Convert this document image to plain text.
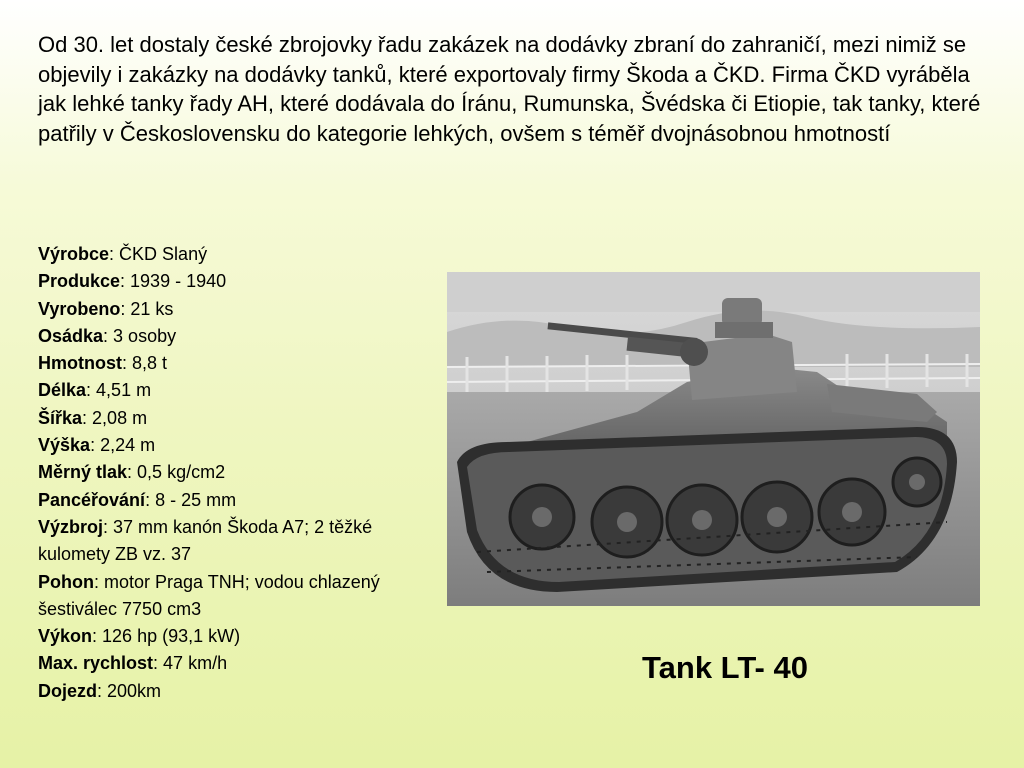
Od 30. let dostaly české zbrojovky řadu zakázek na dodávky zbraní do zahraničí, mezi nimiž se objevily i zakázky na dodávky tanků, které exportovaly firmy Škoda a ČKD. Firma ČKD vyráběla jak lehké tanky řady AH, které dodávala do Íránu, Rumunska, Švédska či Etiopie, tak tanky, které patřily v Československu do kategorie lehkých, ovšem s téměř dvojnásobnou hmotností

Výrobce: ČKD Slaný
Produkce: 1939 - 1940
Vyrobeno: 21 ks
Osádka: 3 osoby
Hmotnost: 8,8 t
Délka: 4,51 m
Šířka: 2,08 m
Výška: 2,24 m
Měrný tlak: 0,5 kg/cm2
Pancéřování: 8 - 25 mm
Výzbroj: 37 mm kanón Škoda A7; 2 těžké kulomety ZB vz. 37
Pohon: motor Praga TNH; vodou chlazený šestiválec 7750 cm3
Výkon: 126 hp (93,1 kW)
Max. rychlost: 47 km/h
Dojezd: 200km

Tank LT- 40
